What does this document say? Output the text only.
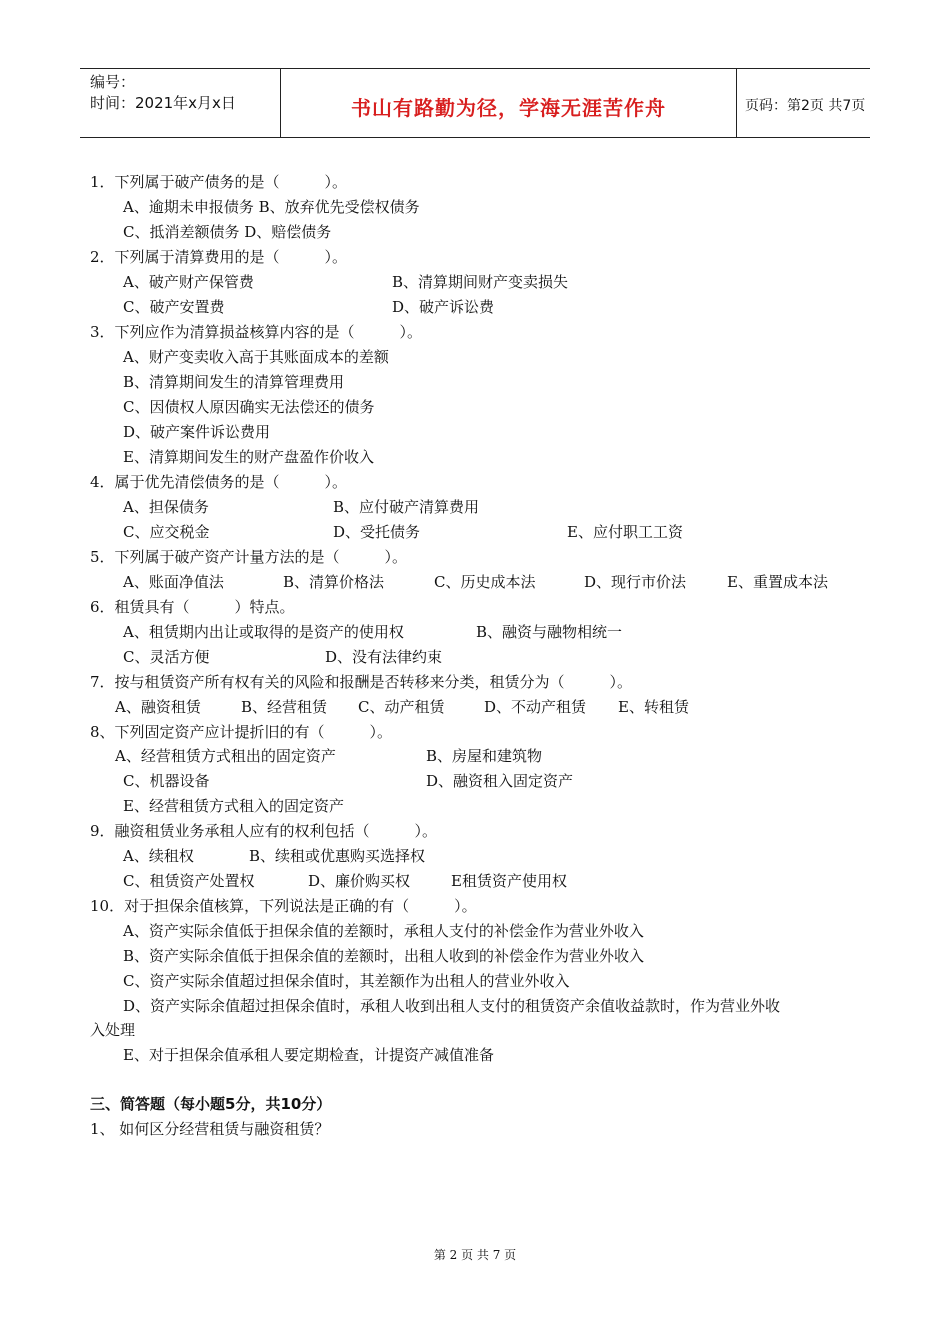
编号：
时间：2021年x月x日	书山有路勤为径，学海无涯苦作舟	页码：第2页 共7页
1．下列属于破产债务的是（　　　）。
A、逾期未申报债务 B、放弃优先受偿权债务
C、抵消差额债务 D、赔偿债务
2．下列属于清算费用的是（　　　）。
A、破产财产保管费	B、清算期间财产变卖损失
C、破产安置费	D、破产诉讼费
3．下列应作为清算损益核算内容的是（　　　）。
A、财产变卖收入高于其账面成本的差额
B、清算期间发生的清算管理费用
C、因债权人原因确实无法偿还的债务
D、破产案件诉讼费用
E、清算期间发生的财产盘盈作价收入
4．属于优先清偿债务的是（　　　）。
A、担保债务	B、应付破产清算费用
C、应交税金	D、受托债务	E、应付职工工资
5．下列属于破产资产计量方法的是（　　　）。
A、账面净值法	B、清算价格法	C、历史成本法	D、现行市价法	E、重置成本法
6．租赁具有（　　　）特点。
A、租赁期内出让或取得的是资产的使用权	B、融资与融物相统一
C、灵活方便	D、没有法律约束
7．按与租赁资产所有权有关的风险和报酬是否转移来分类，租赁分为（　　　）。
A、融资租赁	B、经营租赁 C、动产租赁	D、不动产租赁 E、转租赁
8、下列固定资产应计提折旧的有（　　　）。
A、经营租赁方式租出的固定资产	B、房屋和建筑物
C、机器设备	D、融资租入固定资产
E、经营租赁方式租入的固定资产
9．融资租赁业务承租人应有的权利包括（　　　）。
A、续租权	B、续租或优惠购买选择权
C、租赁资产处置权	D、廉价购买权	E租赁资产使用权
10．对于担保余值核算，下列说法是正确的有（　　　）。
A、资产实际余值低于担保余值的差额时，承租人支付的补偿金作为营业外收入
B、资产实际余值低于担保余值的差额时，出租人收到的补偿金作为营业外收入
C、资产实际余值超过担保余值时，其差额作为出租人的营业外收入
D、资产实际余值超过担保余值时，承租人收到出租人支付的租赁资产余值收益款时，作为营业外收
入处理
E、对于担保余值承租人要定期检查，计提资产减值准备
三、简答题（每小题5分，共10分）
1、 如何区分经营租赁与融资租赁？
第 2 页 共 7 页
